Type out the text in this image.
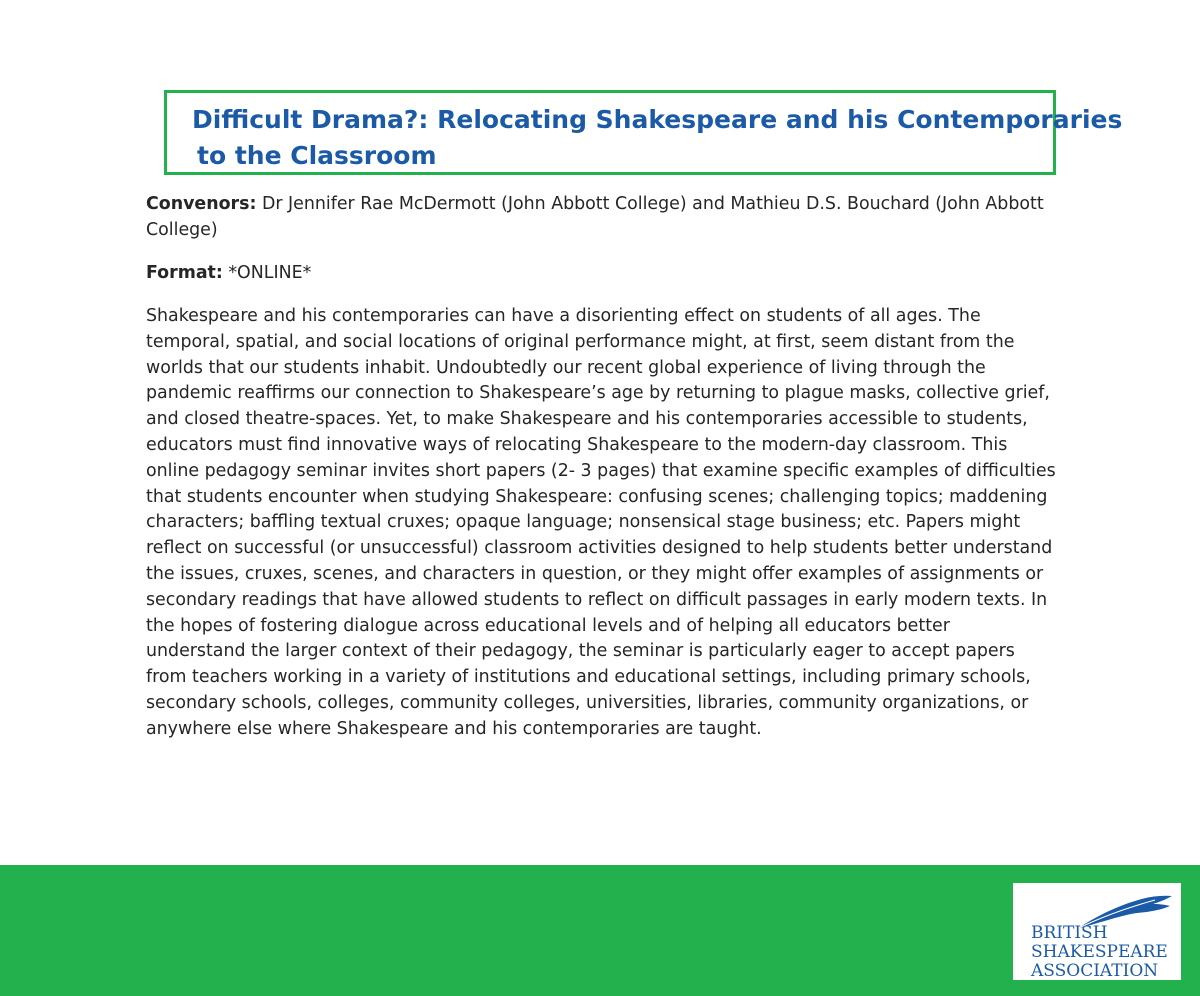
Difficult Drama?: Relocating Shakespeare and his Contemporaries
to the Classroom
Convenors: Dr Jennifer Rae McDermott (John Abbott College) and Mathieu D.S. Bouchard (John Abbott
College)
Format: *ONLINE*
Shakespeare and his contemporaries can have a disorienting effect on students of all ages. The
temporal, spatial, and social locations of original performance might, at first, seem distant from the
worlds that our students inhabit. Undoubtedly our recent global experience of living through the
pandemic reaffirms our connection to Shakespeare’s age by returning to plague masks, collective grief,
and closed theatre-spaces. Yet, to make Shakespeare and his contemporaries accessible to students,
educators must find innovative ways of relocating Shakespeare to the modern-day classroom. This
online pedagogy seminar invites short papers (2- 3 pages) that examine specific examples of difficulties
that students encounter when studying Shakespeare: confusing scenes; challenging topics; maddening
characters; baffling textual cruxes; opaque language; nonsensical stage business; etc. Papers might
reflect on successful (or unsuccessful) classroom activities designed to help students better understand
the issues, cruxes, scenes, and characters in question, or they might offer examples of assignments or
secondary readings that have allowed students to reflect on difficult passages in early modern texts. In
the hopes of fostering dialogue across educational levels and of helping all educators better
understand the larger context of their pedagogy, the seminar is particularly eager to accept papers
from teachers working in a variety of institutions and educational settings, including primary schools,
secondary schools, colleges, community colleges, universities, libraries, community organizations, or
anywhere else where Shakespeare and his contemporaries are taught.
BRITISH
SHAKESPEARE
ASSOCIATION
